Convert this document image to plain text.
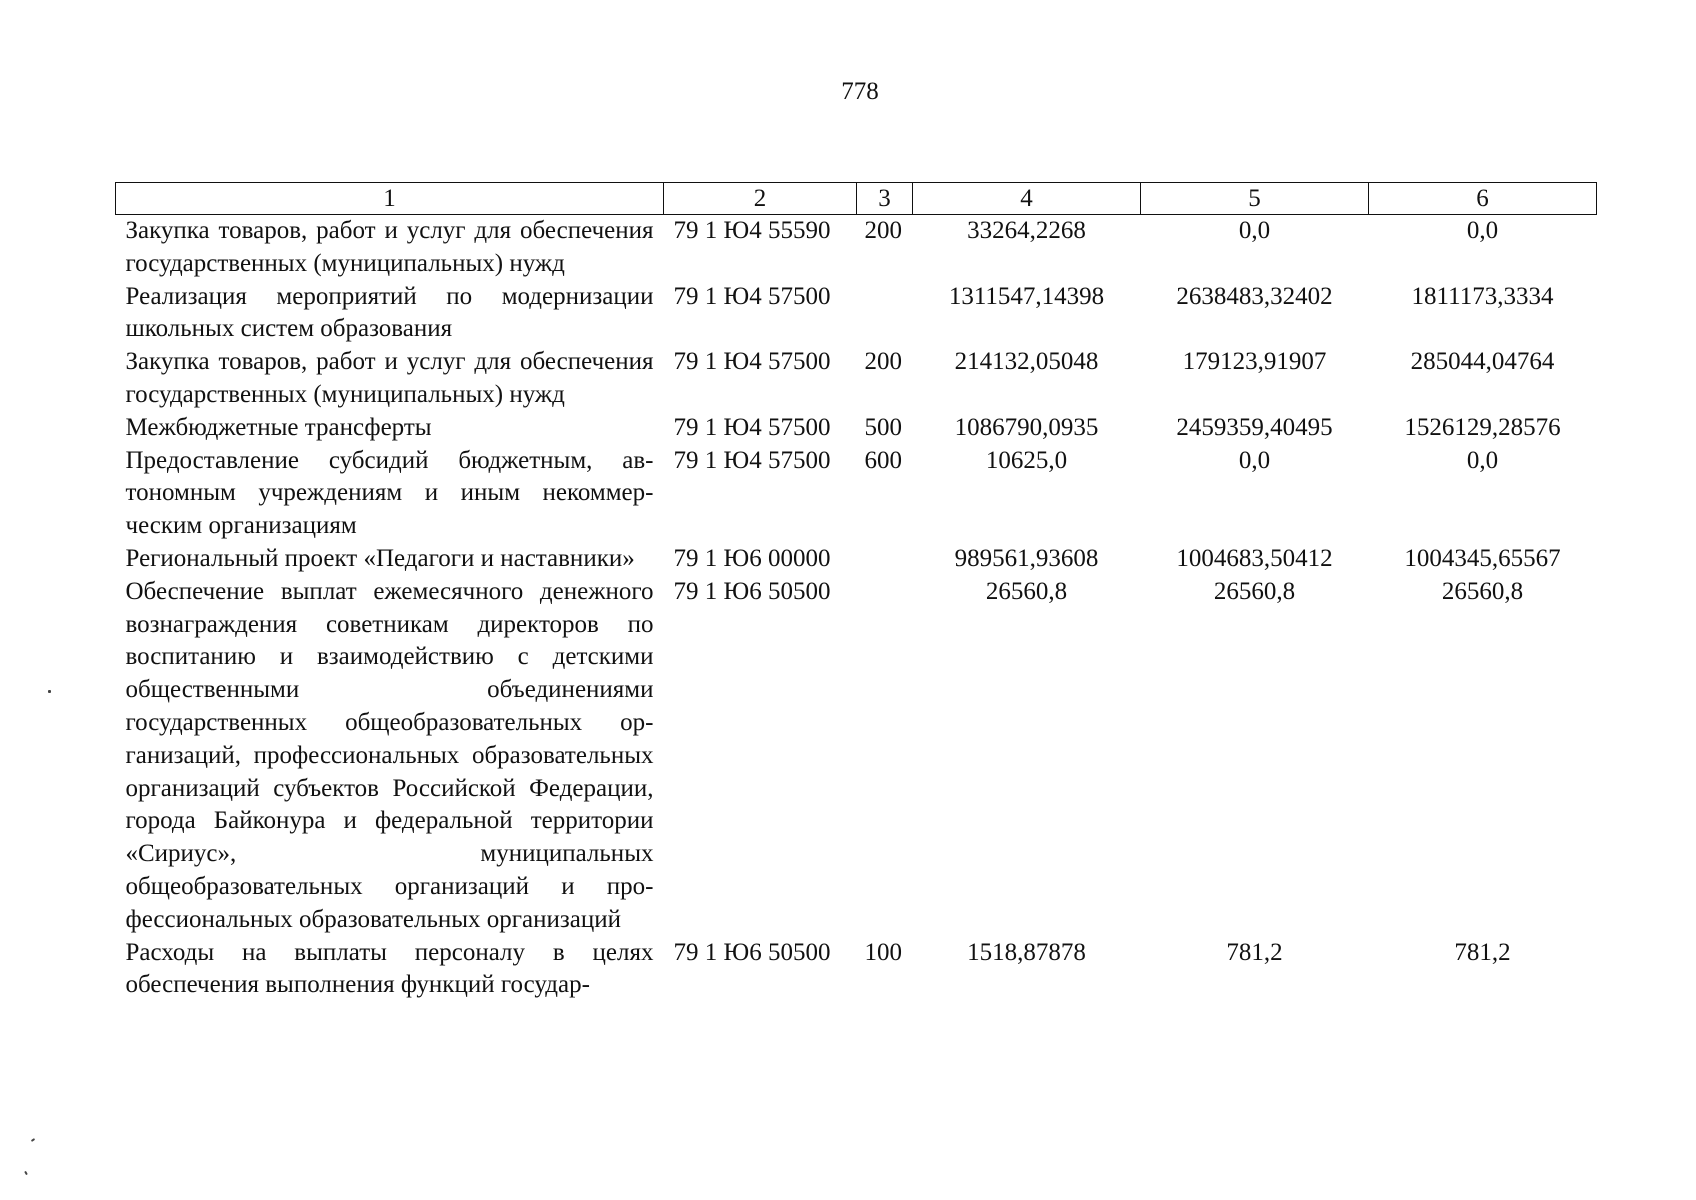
778
1	2	3	4	5	6
Закупка товаров, работ и услуг для обеспечения государственных (муниципальных) нужд	79 1 Ю4 55590	200	33264,2268	0,0	0,0
Реализация мероприятий по модернизации школьных систем образования	79 1 Ю4 57500		1311547,14398	2638483,32402	1811173,3334
Закупка товаров, работ и услуг для обеспечения государственных (муниципальных) нужд	79 1 Ю4 57500	200	214132,05048	179123,91907	285044,04764
Межбюджетные трансферты	79 1 Ю4 57500	500	1086790,0935	2459359,40495	1526129,28576
Предоставление субсидий бюджетным, автономным учреждениям и иным некоммерческим организациям	79 1 Ю4 57500	600	10625,0	0,0	0,0
Региональный проект «Педагоги и наставники»	79 1 Ю6 00000		989561,93608	1004683,50412	1004345,65567
Обеспечение выплат ежемесячного денежного вознаграждения советникам директоров по воспитанию и взаимодействию с детскими общественными объединениями государственных общеобразовательных организаций, профессиональных образовательных организаций субъектов Российской Федерации, города Байконура и федеральной территории «Сириус», муниципальных общеобразовательных организаций и профессиональных образовательных организаций	79 1 Ю6 50500		26560,8	26560,8	26560,8
Расходы на выплаты персоналу в целях обеспечения выполнения функций государ-	79 1 Ю6 50500	100	1518,87878	781,2	781,2
